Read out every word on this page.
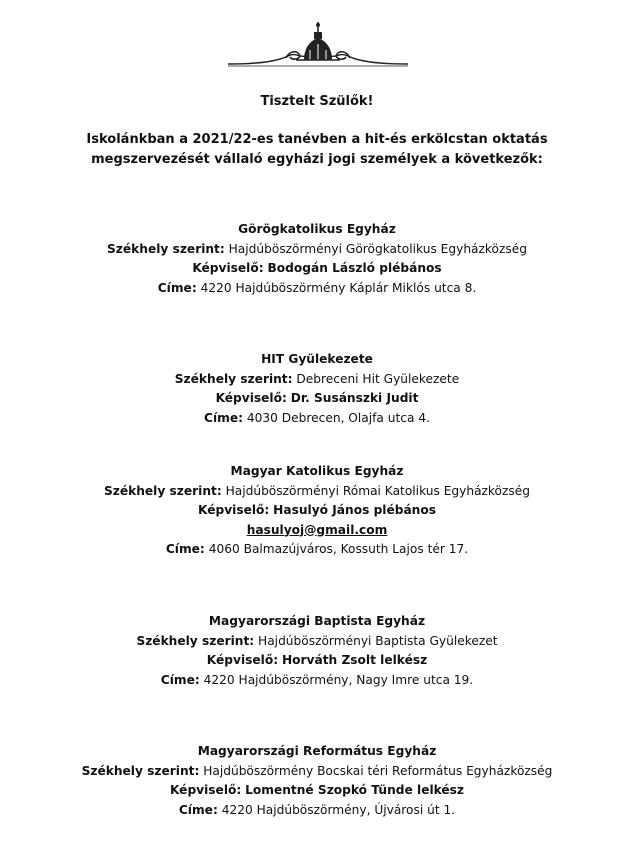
Tisztelt Szülők!
Iskolánkban a 2021/22-es tanévben a hit-és erkölcstan oktatás
megszervezését vállaló egyházi jogi személyek a következők:
Görögkatolikus Egyház
Székhely szerint: Hajdúböszörményi Görögkatolikus Egyházközség
Képviselő: Bodogán László plébános
Címe: 4220 Hajdúböszörmény Káplár Miklós utca 8.
HIT Gyülekezete
Székhely szerint: Debreceni Hit Gyülekezete
Képviselő: Dr. Susánszki Judit
Címe: 4030 Debrecen, Olajfa utca 4.
Magyar Katolikus Egyház
Székhely szerint: Hajdúböszörményi Római Katolikus Egyházközség
Képviselő: Hasulyó János plébános
hasulyoj@gmail.com
Címe: 4060 Balmazújváros, Kossuth Lajos tér 17.
Magyarországi Baptista Egyház
Székhely szerint: Hajdúböszörményi Baptista Gyülekezet
Képviselő: Horváth Zsolt lelkész
Címe: 4220 Hajdúböszörmény, Nagy Imre utca 19.
Magyarországi Református Egyház
Székhely szerint: Hajdúböszörmény Bocskai téri Református Egyházközség
Képviselő: Lomentné Szopkó Tünde lelkész
Címe: 4220 Hajdúböszörmény, Újvárosi út 1.
